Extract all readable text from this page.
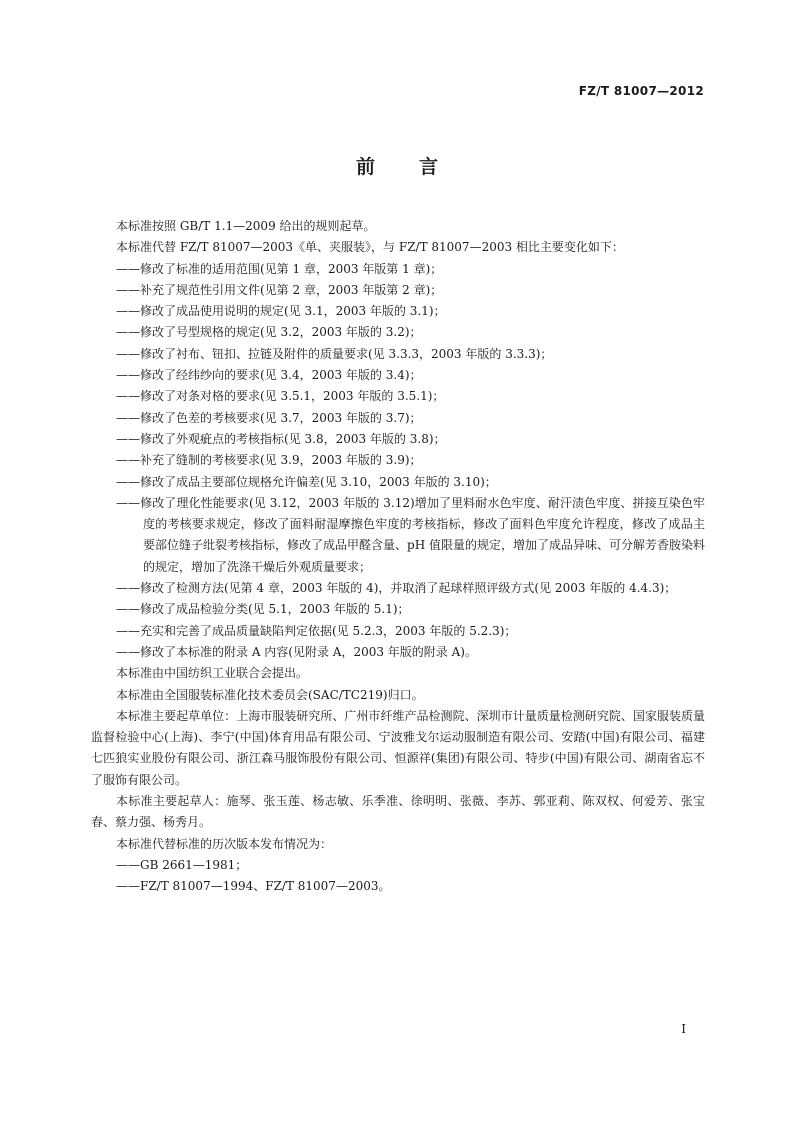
FZ/T 81007—2012
前言

本标准按照 GB/T 1.1—2009 给出的规则起草。

本标准代替 FZ/T 81007—2003《单、夹服装》，与 FZ/T 81007—2003 相比主要变化如下：

——修改了标准的适用范围(见第 1 章，2003 年版第 1 章)；

——补充了规范性引用文件(见第 2 章，2003 年版第 2 章)；

——修改了成品使用说明的规定(见 3.1，2003 年版的 3.1)；

——修改了号型规格的规定(见 3.2，2003 年版的 3.2)；

——修改了衬布、钮扣、拉链及附件的质量要求(见 3.3.3，2003 年版的 3.3.3)；

——修改了经纬纱向的要求(见 3.4，2003 年版的 3.4)；

——修改了对条对格的要求(见 3.5.1，2003 年版的 3.5.1)；

——修改了色差的考核要求(见 3.7，2003 年版的 3.7)；

——修改了外观疵点的考核指标(见 3.8，2003 年版的 3.8)；

——补充了缝制的考核要求(见 3.9，2003 年版的 3.9)；

——修改了成品主要部位规格允许偏差(见 3.10，2003 年版的 3.10)；

——修改了理化性能要求(见 3.12，2003 年版的 3.12)增加了里料耐水色牢度、耐汗渍色牢度、拼接互染色牢度的考核要求规定，修改了面料耐湿摩擦色牢度的考核指标，修改了面料色牢度允许程度，修改了成品主要部位缝子纰裂考核指标，修改了成品甲醛含量、pH 值限量的规定，增加了成品异味、可分解芳香胺染料的规定，增加了洗涤干燥后外观质量要求；

——修改了检测方法(见第 4 章，2003 年版的 4)，并取消了起球样照评级方式(见 2003 年版的 4.4.3)；

——修改了成品检验分类(见 5.1，2003 年版的 5.1)；

——充实和完善了成品质量缺陷判定依据(见 5.2.3，2003 年版的 5.2.3)；

——修改了本标准的附录 A 内容(见附录 A，2003 年版的附录 A)。

本标准由中国纺织工业联合会提出。

本标准由全国服装标准化技术委员会(SAC/TC219)归口。

本标准主要起草单位：上海市服装研究所、广州市纤维产品检测院、深圳市计量质量检测研究院、国家服装质量监督检验中心(上海)、李宁(中国)体育用品有限公司、宁波雅戈尔运动服制造有限公司、安踏(中国)有限公司、福建七匹狼实业股份有限公司、浙江森马服饰股份有限公司、恒源祥(集团)有限公司、特步(中国)有限公司、湖南省忘不了服饰有限公司。

本标准主要起草人：施琴、张玉莲、杨志敏、乐季准、徐明明、张薇、李苏、郭亚莉、陈双权、何爱芳、张宝春、蔡力强、杨秀月。

本标准代替标准的历次版本发布情况为：

——GB 2661—1981；

——FZ/T 81007—1994、FZ/T 81007—2003。

I
